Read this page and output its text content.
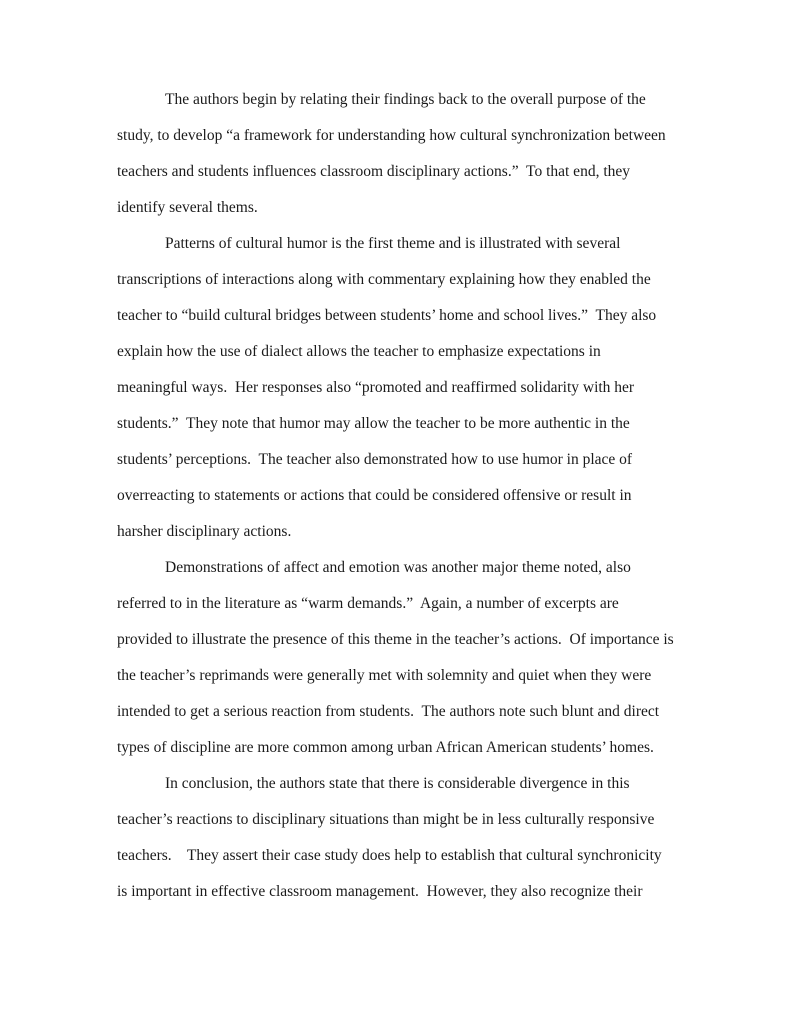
The authors begin by relating their findings back to the overall purpose of the
study, to develop “a framework for understanding how cultural synchronization between
teachers and students influences classroom disciplinary actions.”  To that end, they
identify several thems.
Patterns of cultural humor is the first theme and is illustrated with several
transcriptions of interactions along with commentary explaining how they enabled the
teacher to “build cultural bridges between students’ home and school lives.”  They also
explain how the use of dialect allows the teacher to emphasize expectations in
meaningful ways.  Her responses also “promoted and reaffirmed solidarity with her
students.”  They note that humor may allow the teacher to be more authentic in the
students’ perceptions.  The teacher also demonstrated how to use humor in place of
overreacting to statements or actions that could be considered offensive or result in
harsher disciplinary actions.
Demonstrations of affect and emotion was another major theme noted, also
referred to in the literature as “warm demands.”  Again, a number of excerpts are
provided to illustrate the presence of this theme in the teacher’s actions.  Of importance is
the teacher’s reprimands were generally met with solemnity and quiet when they were
intended to get a serious reaction from students.  The authors note such blunt and direct
types of discipline are more common among urban African American students’ homes.
In conclusion, the authors state that there is considerable divergence in this
teacher’s reactions to disciplinary situations than might be in less culturally responsive
teachers.    They assert their case study does help to establish that cultural synchronicity
is important in effective classroom management.  However, they also recognize their
